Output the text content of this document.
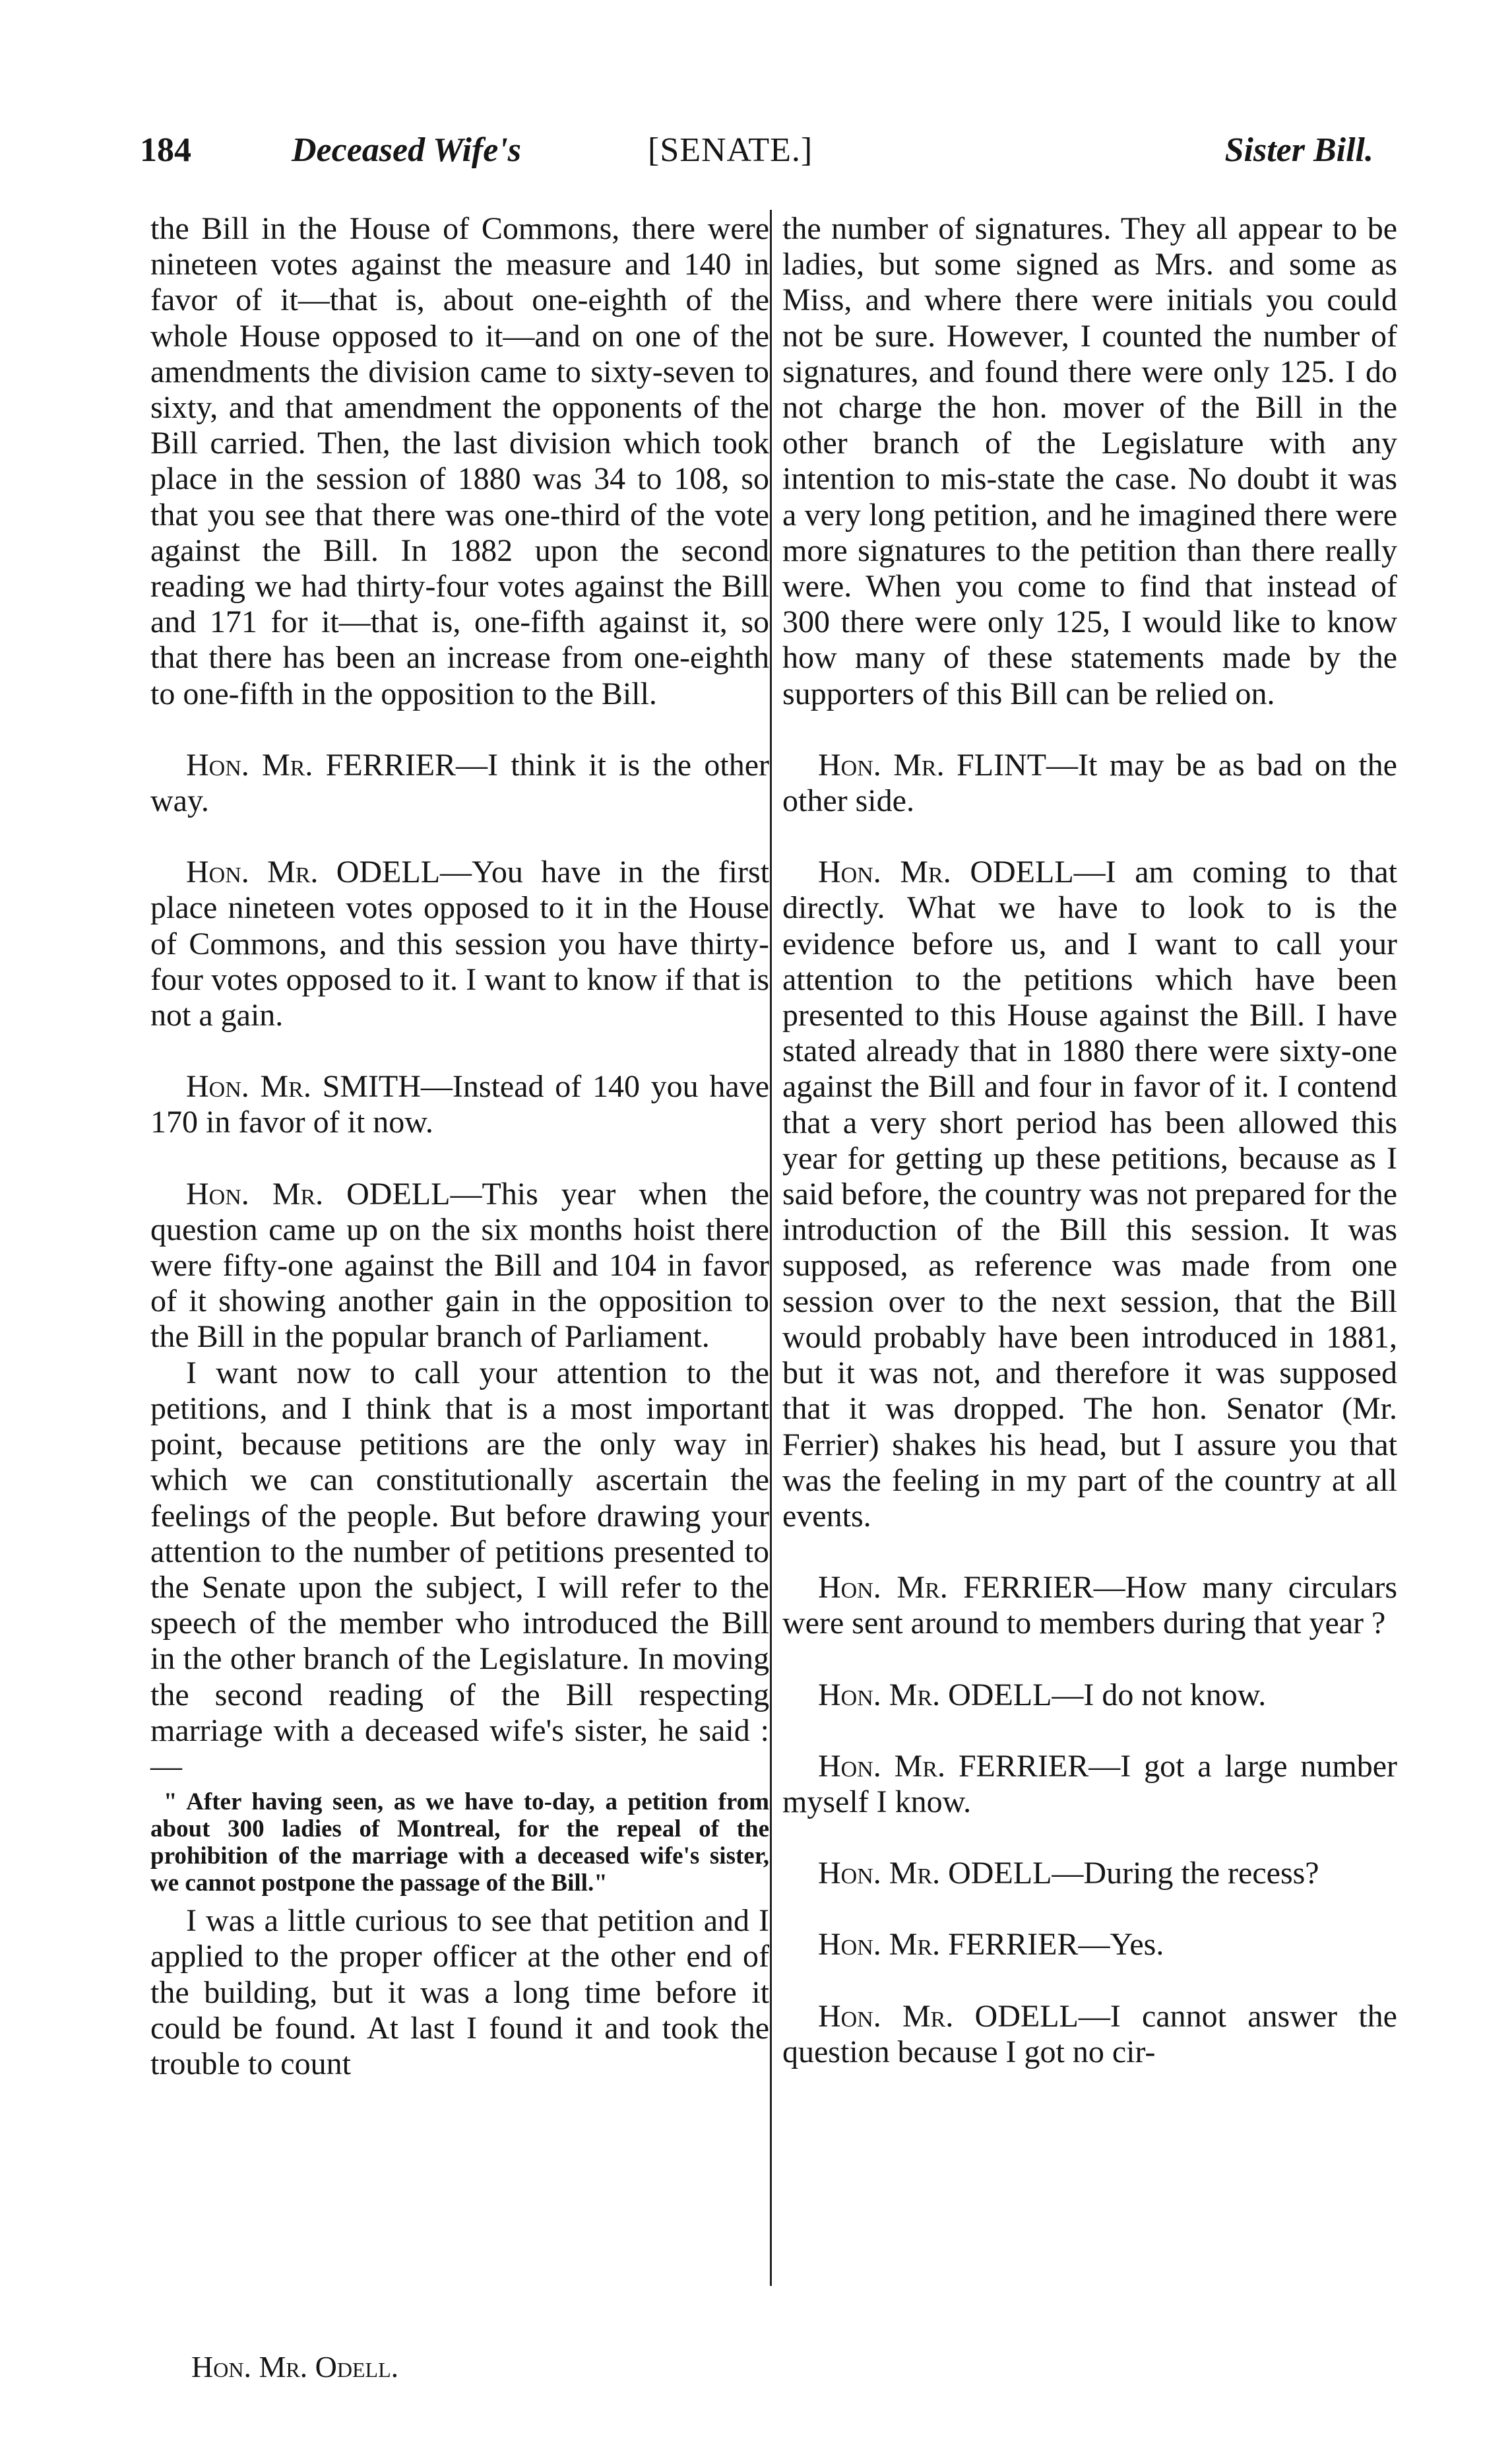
184	Deceased Wife's	[SENATE.]	Sister Bill.

the Bill in the House of Commons, there were nineteen votes against the measure and 140 in favor of it—that is, about one-eighth of the whole House opposed to it—and on one of the amendments the division came to sixty-seven to sixty, and that amendment the opponents of the Bill carried. Then, the last division which took place in the session of 1880 was 34 to 108, so that you see that there was one-third of the vote against the Bill. In 1882 upon the second reading we had thirty-four votes against the Bill and 171 for it—that is, one-fifth against it, so that there has been an increase from one-eighth to one-fifth in the opposition to the Bill.

Hon. Mr. FERRIER—I think it is the other way.

Hon. Mr. ODELL—You have in the first place nineteen votes opposed to it in the House of Commons, and this session you have thirty-four votes opposed to it. I want to know if that is not a gain.

Hon. Mr. SMITH—Instead of 140 you have 170 in favor of it now.

Hon. Mr. ODELL—This year when the question came up on the six months hoist there were fifty-one against the Bill and 104 in favor of it showing another gain in the opposition to the Bill in the popular branch of Parliament.

I want now to call your attention to the petitions, and I think that is a most important point, because petitions are the only way in which we can constitutionally ascertain the feelings of the people. But before drawing your attention to the number of petitions presented to the Senate upon the subject, I will refer to the speech of the member who introduced the Bill in the other branch of the Legislature. In moving the second reading of the Bill respecting marriage with a deceased wife's sister, he said :—

" After having seen, as we have to-day, a petition from about 300 ladies of Montreal, for the repeal of the prohibition of the marriage with a deceased wife's sister, we cannot postpone the passage of the Bill."

I was a little curious to see that petition and I applied to the proper officer at the other end of the building, but it was a long time before it could be found. At last I found it and took the trouble to count

the number of signatures. They all appear to be ladies, but some signed as Mrs. and some as Miss, and where there were initials you could not be sure. However, I counted the number of signatures, and found there were only 125. I do not charge the hon. mover of the Bill in the other branch of the Legislature with any intention to mis-state the case. No doubt it was a very long petition, and he imagined there were more signatures to the petition than there really were. When you come to find that instead of 300 there were only 125, I would like to know how many of these statements made by the supporters of this Bill can be relied on.

Hon. Mr. FLINT—It may be as bad on the other side.

Hon. Mr. ODELL—I am coming to that directly. What we have to look to is the evidence before us, and I want to call your attention to the petitions which have been presented to this House against the Bill. I have stated already that in 1880 there were sixty-one against the Bill and four in favor of it. I contend that a very short period has been allowed this year for getting up these petitions, because as I said before, the country was not prepared for the introduction of the Bill this session. It was supposed, as reference was made from one session over to the next session, that the Bill would probably have been introduced in 1881, but it was not, and therefore it was supposed that it was dropped. The hon. Senator (Mr. Ferrier) shakes his head, but I assure you that was the feeling in my part of the country at all events.

Hon. Mr. FERRIER—How many circulars were sent around to members during that year ?

Hon. Mr. ODELL—I do not know.

Hon. Mr. FERRIER—I got a large number myself I know.

Hon. Mr. ODELL—During the recess?

Hon. Mr. FERRIER—Yes.

Hon. Mr. ODELL—I cannot answer the question because I got no cir-

Hon. Mr. Odell.
